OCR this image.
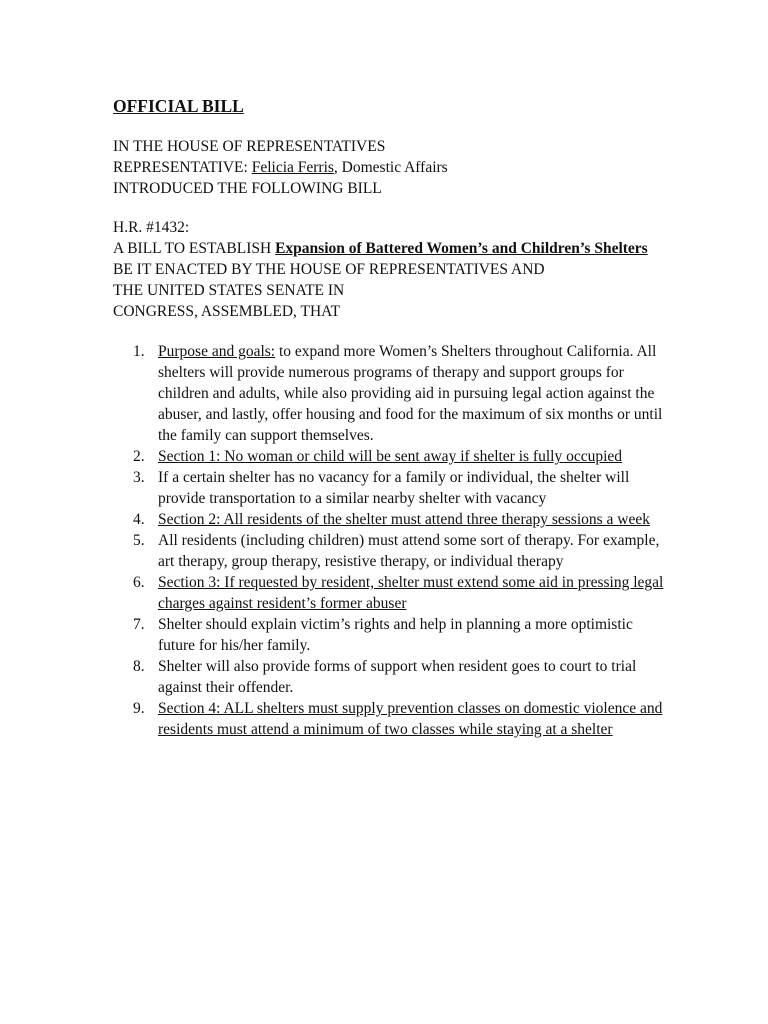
OFFICIAL BILL

IN THE HOUSE OF REPRESENTATIVES

REPRESENTATIVE: Felicia Ferris, Domestic Affairs

INTRODUCED THE FOLLOWING BILL

H.R. #1432:

A BILL TO ESTABLISH Expansion of Battered Women’s and Children’s Shelters

BE IT ENACTED BY THE HOUSE OF REPRESENTATIVES AND

THE UNITED STATES SENATE IN

CONGRESS, ASSEMBLED, THAT

1. Purpose and goals: to expand more Women’s Shelters throughout California. All shelters will provide numerous programs of therapy and support groups for children and adults, while also providing aid in pursuing legal action against the abuser, and lastly, offer housing and food for the maximum of six months or until the family can support themselves.
2. Section 1: No woman or child will be sent away if shelter is fully occupied
3. If a certain shelter has no vacancy for a family or individual, the shelter will provide transportation to a similar nearby shelter with vacancy
4. Section 2: All residents of the shelter must attend three therapy sessions a week
5. All residents (including children) must attend some sort of therapy. For example, art therapy, group therapy, resistive therapy, or individual therapy
6. Section 3: If requested by resident, shelter must extend some aid in pressing legal charges against resident’s former abuser
7. Shelter should explain victim’s rights and help in planning a more optimistic future for his/her family.
8. Shelter will also provide forms of support when resident goes to court to trial against their offender.
9. Section 4: ALL shelters must supply prevention classes on domestic violence and residents must attend a minimum of two classes while staying at a shelter
